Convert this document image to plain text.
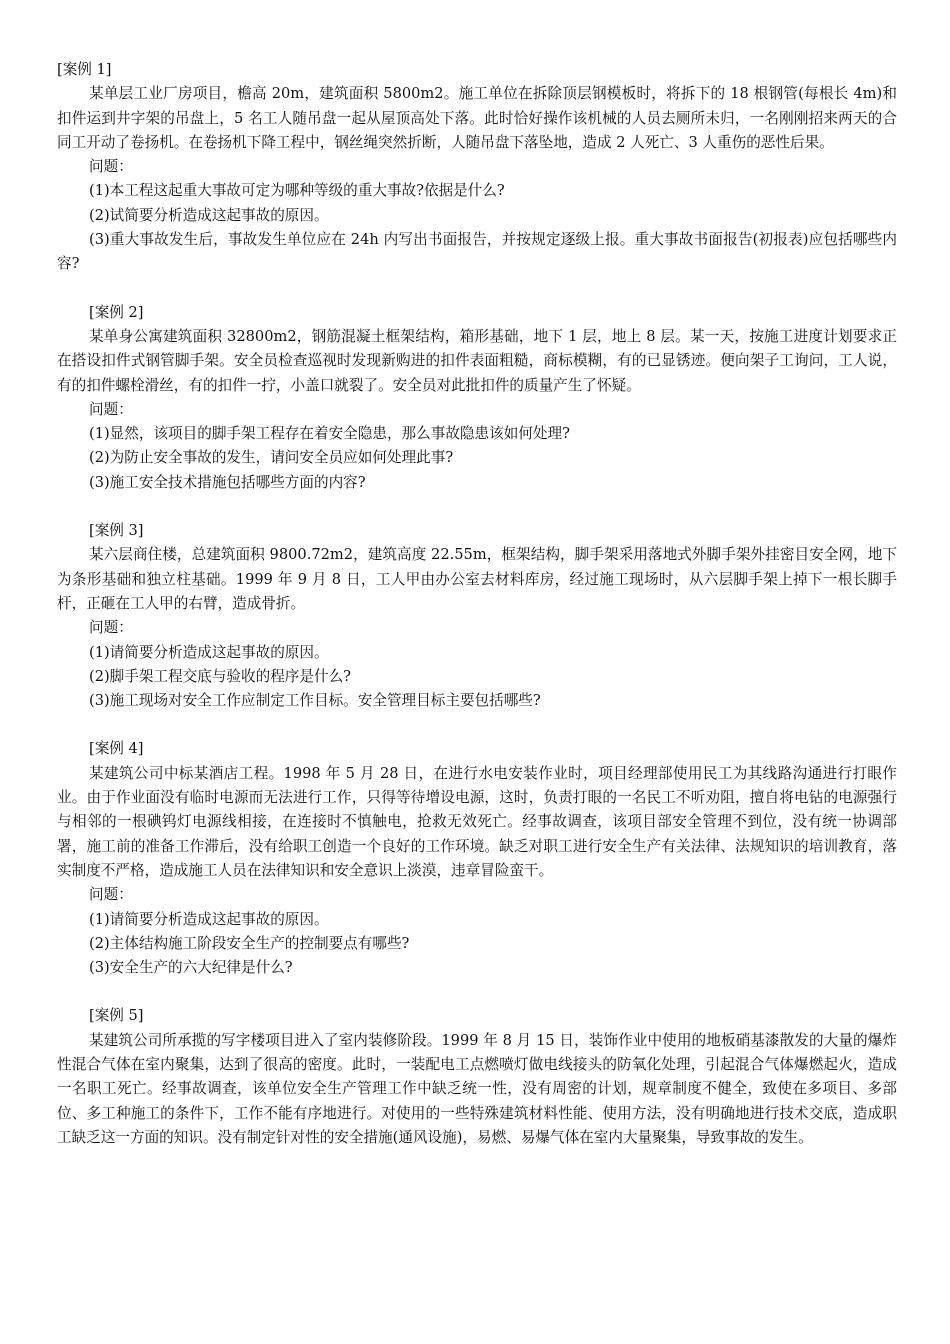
[案例 1]

某单层工业厂房项目，檐高 20m，建筑面积 5800m2。施工单位在拆除顶层钢模板时，将拆下的 18 根钢管(每根长 4m)和扣件运到井字架的吊盘上，5 名工人随吊盘一起从屋顶高处下落。此时恰好操作该机械的人员去厕所未归，一名刚刚招来两天的合同工开动了卷扬机。在卷扬机下降工程中，钢丝绳突然折断，人随吊盘下落坠地，造成 2 人死亡、3 人重伤的恶性后果。

问题：

(1)本工程这起重大事故可定为哪种等级的重大事故?依据是什么?

(2)试简要分析造成这起事故的原因。

(3)重大事故发生后，事故发生单位应在 24h 内写出书面报告，并按规定逐级上报。重大事故书面报告(初报表)应包括哪些内容?

[案例 2]

某单身公寓建筑面积 32800m2，钢筋混凝土框架结构，箱形基础，地下 1 层，地上 8 层。某一天，按施工进度计划要求正在搭设扣件式钢管脚手架。安全员检查巡视时发现新购进的扣件表面粗糙，商标模糊，有的已显锈迹。便向架子工询问，工人说，有的扣件螺栓滑丝，有的扣件一拧，小盖口就裂了。安全员对此批扣件的质量产生了怀疑。

问题：

(1)显然，该项目的脚手架工程存在着安全隐患，那么事故隐患该如何处理?

(2)为防止安全事故的发生，请问安全员应如何处理此事?

(3)施工安全技术措施包括哪些方面的内容?

[案例 3]

某六层商住楼，总建筑面积 9800.72m2，建筑高度 22.55m，框架结构，脚手架采用落地式外脚手架外挂密目安全网，地下为条形基础和独立柱基础。1999 年 9 月 8 日，工人甲由办公室去材料库房，经过施工现场时，从六层脚手架上掉下一根长脚手杆，正砸在工人甲的右臂，造成骨折。

问题：

(1)请简要分析造成这起事故的原因。

(2)脚手架工程交底与验收的程序是什么?

(3)施工现场对安全工作应制定工作目标。安全管理目标主要包括哪些?

[案例 4]

某建筑公司中标某酒店工程。1998 年 5 月 28 日，在进行水电安装作业时，项目经理部使用民工为其线路沟通进行打眼作业。由于作业面没有临时电源而无法进行工作，只得等待增设电源，这时，负责打眼的一名民工不听劝阻，擅自将电钻的电源强行与相邻的一根碘钨灯电源线相接，在连接时不慎触电，抢救无效死亡。经事故调查，该项目部安全管理不到位，没有统一协调部署，施工前的准备工作滞后，没有给职工创造一个良好的工作环境。缺乏对职工进行安全生产有关法律、法规知识的培训教育，落实制度不严格，造成施工人员在法律知识和安全意识上淡漠，违章冒险蛮干。

问题：

(1)请简要分析造成这起事故的原因。

(2)主体结构施工阶段安全生产的控制要点有哪些?

(3)安全生产的六大纪律是什么?

[案例 5]

某建筑公司所承揽的写字楼项目进入了室内装修阶段。1999 年 8 月 15 日，装饰作业中使用的地板硝基漆散发的大量的爆炸性混合气体在室内聚集，达到了很高的密度。此时，一装配电工点燃喷灯做电线接头的防氧化处理，引起混合气体爆燃起火，造成一名职工死亡。经事故调查，该单位安全生产管理工作中缺乏统一性，没有周密的计划，规章制度不健全，致使在多项目、多部位、多工种施工的条件下，工作不能有序地进行。对使用的一些特殊建筑材料性能、使用方法，没有明确地进行技术交底，造成职工缺乏这一方面的知识。没有制定针对性的安全措施(通风设施)，易燃、易爆气体在室内大量聚集，导致事故的发生。
